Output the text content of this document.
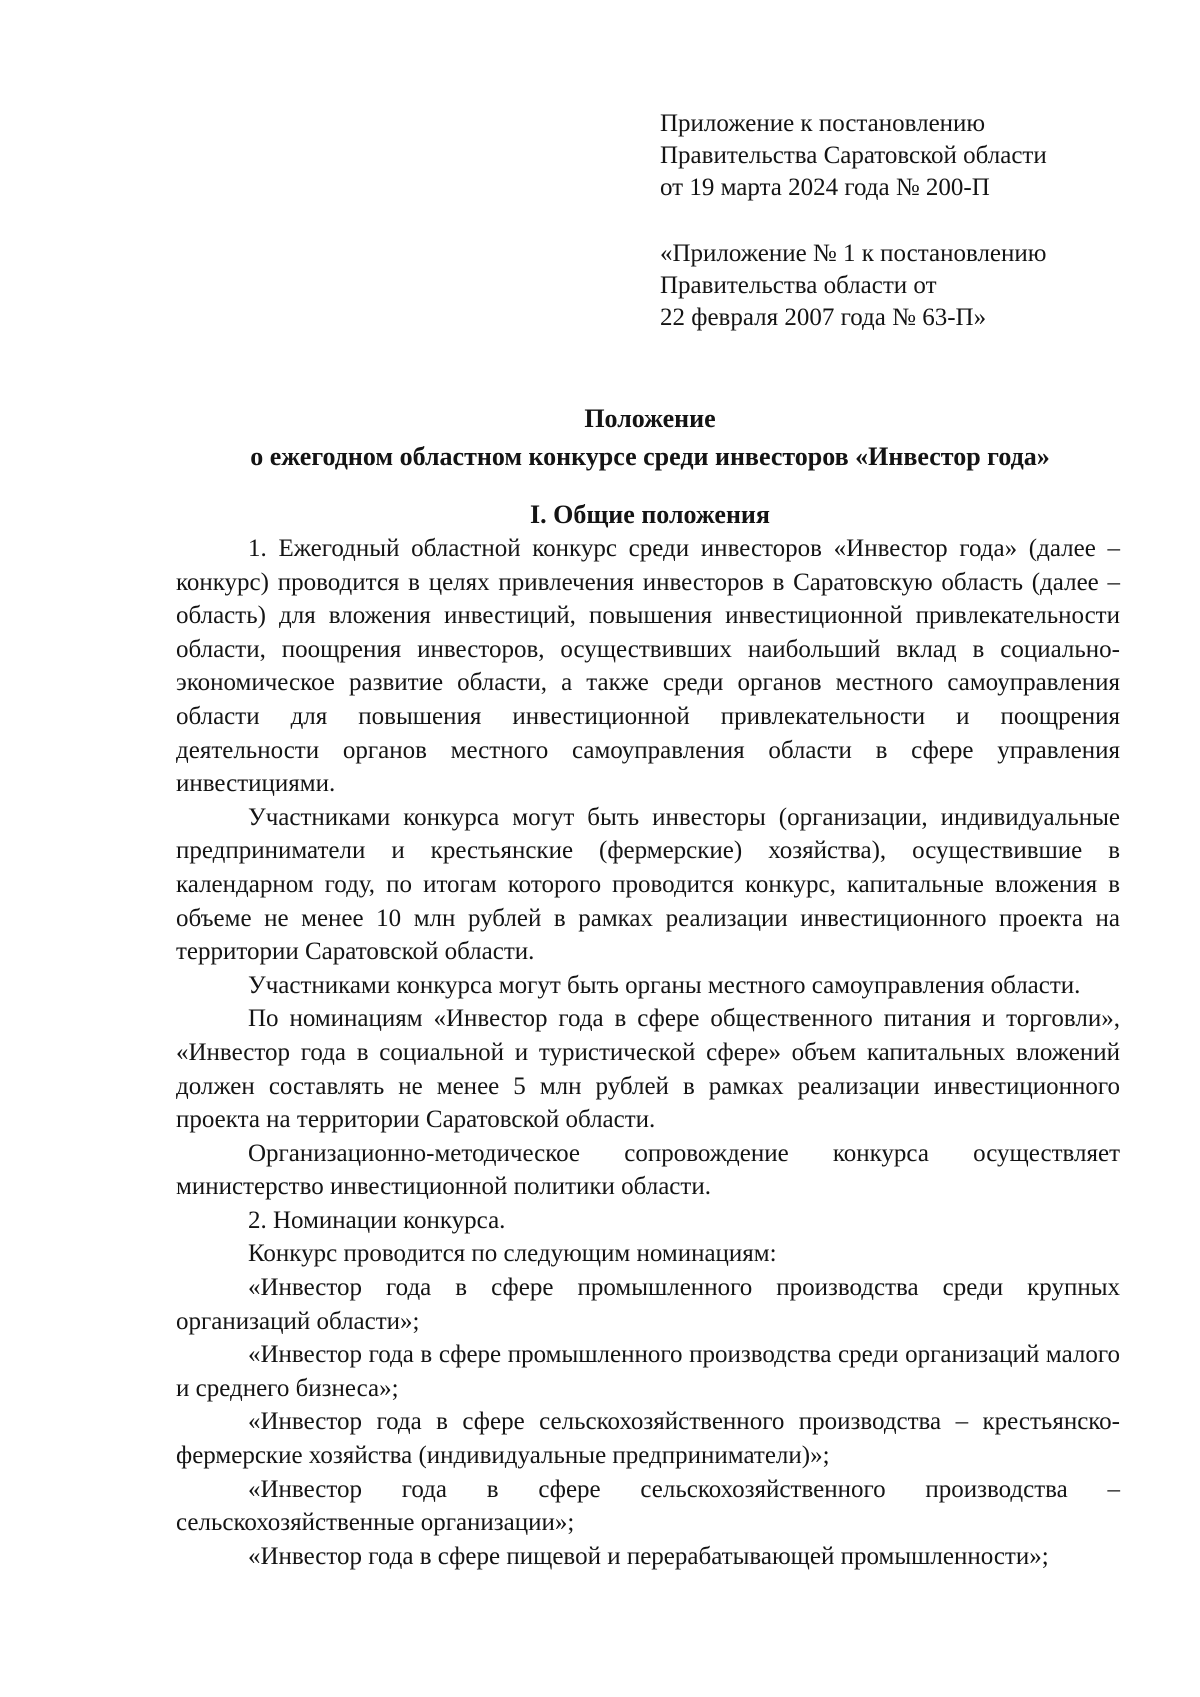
Приложение к постановлению
Правительства Саратовской области
от 19 марта 2024 года № 200-П
«Приложение № 1 к постановлению
Правительства области от
22 февраля 2007 года № 63-П»
Положение
о ежегодном областном конкурсе среди инвесторов «Инвестор года»
I. Общие положения

1. Ежегодный областной конкурс среди инвесторов «Инвестор года» (далее – конкурс) проводится в целях привлечения инвесторов в Саратовскую область (далее – область) для вложения инвестиций, повышения инвестиционной привлекательности области, поощрения инвесторов, осуществивших наибольший вклад в социально-экономическое развитие области, а также среди органов местного самоуправления области для повышения инвестиционной привлекательности и поощрения деятельности органов местного самоуправления области в сфере управления инвестициями.

Участниками конкурса могут быть инвесторы (организации, индивидуальные предприниматели и крестьянские (фермерские) хозяйства), осуществившие в календарном году, по итогам которого проводится конкурс, капитальные вложения в объеме не менее 10 млн рублей в рамках реализации инвестиционного проекта на территории Саратовской области.

Участниками конкурса могут быть органы местного самоуправления области.

По номинациям «Инвестор года в сфере общественного питания и торговли», «Инвестор года в социальной и туристической сфере» объем капитальных вложений должен составлять не менее 5 млн рублей в рамках реализации инвестиционного проекта на территории Саратовской области.

Организационно-методическое сопровождение конкурса осуществляет министерство инвестиционной политики области.

2. Номинации конкурса.

Конкурс проводится по следующим номинациям:

«Инвестор года в сфере промышленного производства среди крупных организаций области»;

«Инвестор года в сфере промышленного производства среди организаций малого и среднего бизнеса»;

«Инвестор года в сфере сельскохозяйственного производства – крестьянско-фермерские хозяйства (индивидуальные предприниматели)»;

«Инвестор года в сфере сельскохозяйственного производства – сельскохозяйственные организации»;

«Инвестор года в сфере пищевой и перерабатывающей промышленности»;
